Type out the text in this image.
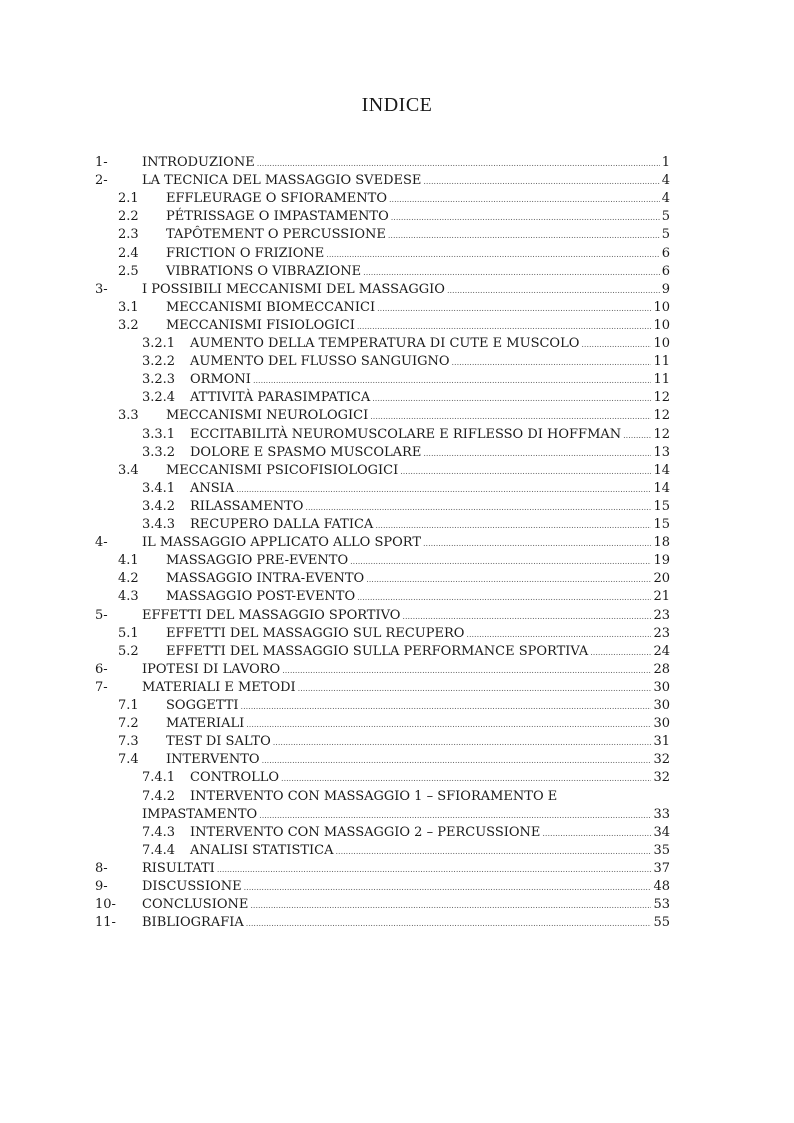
INDICE
1-	INTRODUZIONE .....	1
2-	LA TECNICA DEL MASSAGGIO SVEDESE .....	4
2.1 EFFLEURAGE O SFIORAMENTO .....	4
2.2 PÉTRISSAGE O IMPASTAMENTO .....	5
2.3 TAPÔTEMENT O PERCUSSIONE .....	5
2.4 FRICTION O FRIZIONE .....	6
2.5 VIBRATIONS O VIBRAZIONE .....	6
3-	I POSSIBILI MECCANISMI DEL MASSAGGIO .....	9
3.1 MECCANISMI BIOMECCANICI .....	10
3.2 MECCANISMI FISIOLOGICI .....	10
3.2.1 AUMENTO DELLA TEMPERATURA DI CUTE E MUSCOLO .....	10
3.2.2 AUMENTO DEL FLUSSO SANGUIGNO .....	11
3.2.3 ORMONI .....	11
3.2.4 ATTIVITÀ PARASIMPATICA .....	12
3.3 MECCANISMI NEUROLOGICI .....	12
3.3.1 ECCITABILITÀ NEUROMUSCOLARE E RIFLESSO DI HOFFMAN ..... 12
3.3.2 DOLORE E SPASMO MUSCOLARE .....	13
3.4 MECCANISMI PSICOFISIOLOGICI .....	14
3.4.1 ANSIA .....	14
3.4.2 RILASSAMENTO .....	15
3.4.3 RECUPERO DALLA FATICA .....	15
4-	IL MASSAGGIO APPLICATO ALLO SPORT .....	18
4.1 MASSAGGIO PRE-EVENTO .....	19
4.2 MASSAGGIO INTRA-EVENTO .....	20
4.3 MASSAGGIO POST-EVENTO .....	21
5-	EFFETTI DEL MASSAGGIO SPORTIVO .....	23
5.1 EFFETTI DEL MASSAGGIO SUL RECUPERO .....	23
5.2 EFFETTI DEL MASSAGGIO SULLA PERFORMANCE SPORTIVA .....	24
6-	IPOTESI DI LAVORO .....	28
7-	MATERIALI E METODI .....	30
7.1 SOGGETTI .....	30
7.2 MATERIALI .....	30
7.3 TEST DI SALTO .....	31
7.4 INTERVENTO .....	32
7.4.1 CONTROLLO .....	32
7.4.2 INTERVENTO CON MASSAGGIO 1 – SFIORAMENTO E
IMPASTAMENTO .....	33
7.4.3 INTERVENTO CON MASSAGGIO 2 – PERCUSSIONE .....	34
7.4.4 ANALISI STATISTICA .....	35
8-	RISULTATI .....	37
9-	DISCUSSIONE .....	48
10- CONCLUSIONE .....	53
11- BIBLIOGRAFIA .....	55
